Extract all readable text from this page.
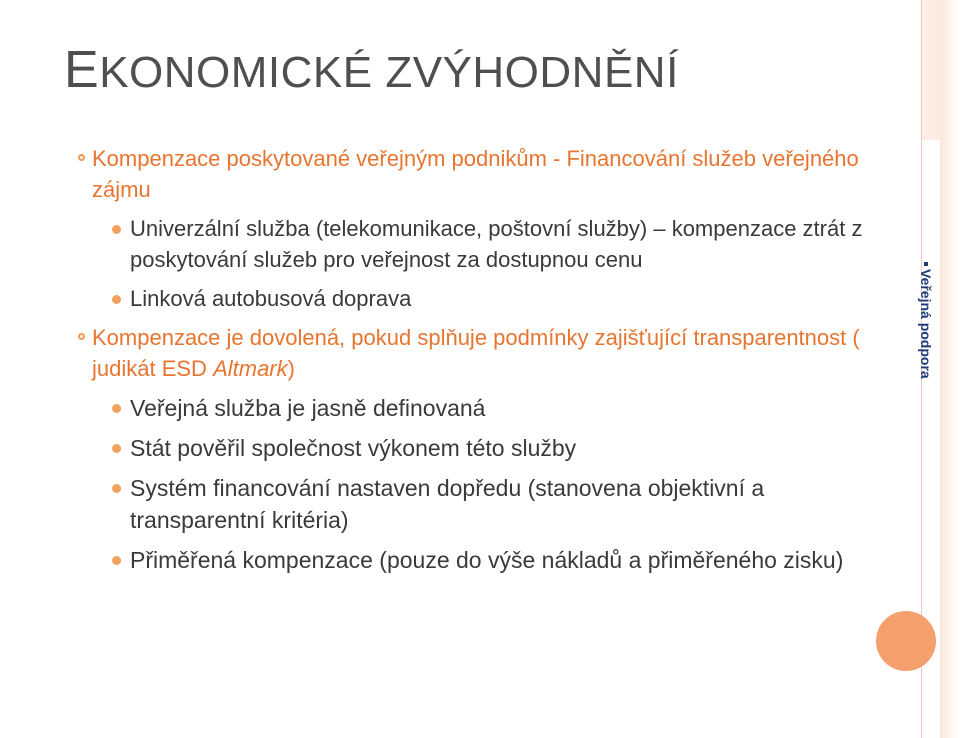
EKONOMICKÉ ZVÝHODNĚNÍ
Kompenzace poskytované veřejným podnikům - Financování služeb veřejného zájmu
Univerzální služba (telekomunikace, poštovní služby) – kompenzace ztrát z poskytování služeb pro veřejnost za dostupnou cenu
Linková autobusová doprava
Kompenzace je dovolená, pokud splňuje podmínky zajišťující transparentnost ( judikát ESD Altmark)
Veřejná služba je jasně definovaná
Stát pověřil společnost výkonem této služby
Systém financování nastaven dopředu (stanovena objektivní a transparentní kritéria)
Přiměřená kompenzace (pouze do výše nákladů a přiměřeného zisku)
Veřejná podpora
